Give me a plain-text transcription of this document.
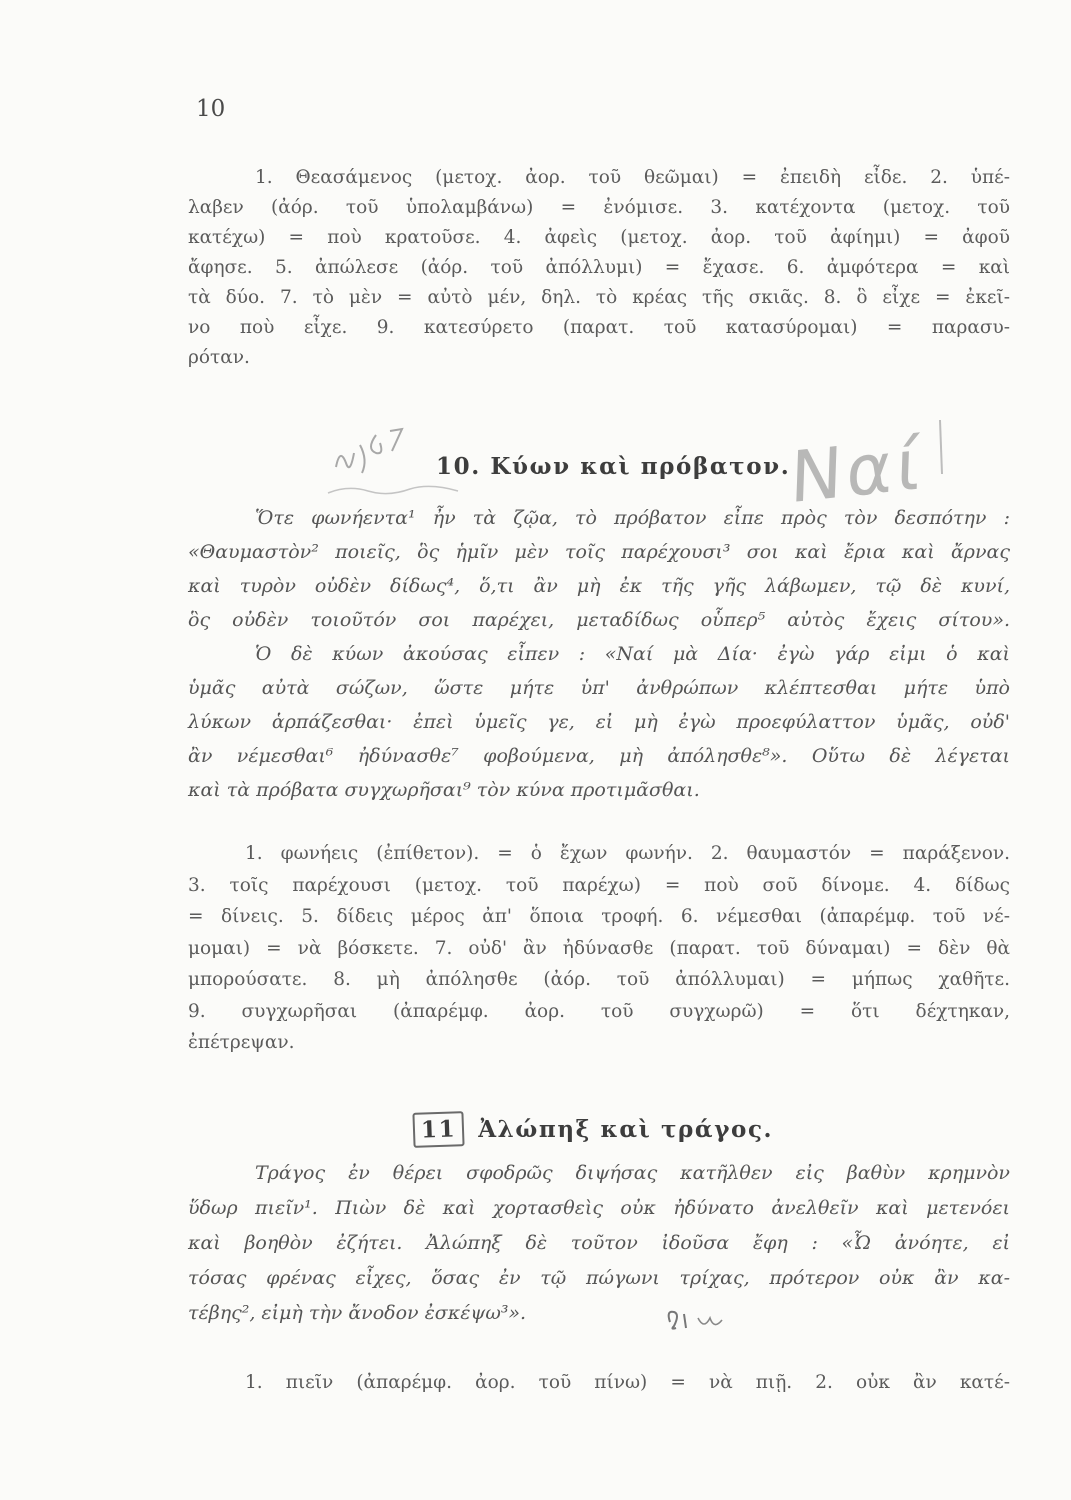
10
1. Θεασάμενος (μετοχ. ἀορ. τοῦ θεῶμαι) = ἐπειδὴ εἶδε. 2. ὑπέ-
λαβεν (ἀόρ. τοῦ ὑπολαμβάνω) = ἐνόμισε. 3. κατέχοντα (μετοχ. τοῦ
κατέχω) = ποὺ κρατοῦσε. 4. ἀφεὶς (μετοχ. ἀορ. τοῦ ἀφίημι) = ἀφοῦ
ἄφησε. 5. ἀπώλεσε (ἀόρ. τοῦ ἀπόλλυμι) = ἔχασε. 6. ἀμφότερα = καὶ
τὰ δύο. 7. τὸ μὲν = αὐτὸ μέν, δηλ. τὸ κρέας τῆς σκιᾶς. 8. ὃ εἶχε = ἐκεῖ-
νο ποὺ εἶχε. 9. κατεσύρετο (παρατ. τοῦ κατασύρομαι) = παρασυ-
ρόταν.
Ναί
10. Κύων καὶ πρόβατον.
Ὅτε φωνήεντα¹ ἦν τὰ ζῷα, τὸ πρόβατον εἶπε πρὸς τὸν δεσπότην :
«Θαυμαστὸν² ποιεῖς, ὃς ἡμῖν μὲν τοῖς παρέχουσι³ σοι καὶ ἔρια καὶ ἄρνας
καὶ τυρὸν οὐδὲν δίδως⁴, ὅ,τι ἂν μὴ ἐκ τῆς γῆς λάβωμεν, τῷ δὲ κυνί,
ὃς οὐδὲν τοιοῦτόν σοι παρέχει, μεταδίδως οὗπερ⁵ αὐτὸς ἔχεις σίτου».
Ὁ δὲ κύων ἀκούσας εἶπεν : «Ναί μὰ Δία· ἐγὼ γάρ εἰμι ὁ καὶ
ὑμᾶς αὐτὰ σώζων, ὥστε μήτε ὑπ' ἀνθρώπων κλέπτεσθαι μήτε ὑπὸ
λύκων ἁρπάζεσθαι· ἐπεὶ ὑμεῖς γε, εἰ μὴ ἐγὼ προεφύλαττον ὑμᾶς, οὐδ'
ἂν νέμεσθαι⁶ ἠδύνασθε⁷ φοβούμενα, μὴ ἀπόλησθε⁸». Οὕτω δὲ λέγεται
καὶ τὰ πρόβατα συγχωρῆσαι⁹ τὸν κύνα προτιμᾶσθαι.
1. φωνήεις (ἐπίθετον). = ὁ ἔχων φωνήν. 2. θαυμαστόν = παράξενον.
3. τοῖς παρέχουσι (μετοχ. τοῦ παρέχω) = ποὺ σοῦ δίνομε. 4. δίδως
= δίνεις. 5. δίδεις μέρος ἀπ' ὅποια τροφή. 6. νέμεσθαι (ἀπαρέμφ. τοῦ νέ-
μομαι) = νὰ βόσκετε. 7. οὐδ' ἂν ἠδύνασθε (παρατ. τοῦ δύναμαι) = δὲν θὰ
μπορούσατε. 8. μὴ ἀπόλησθε (ἀόρ. τοῦ ἀπόλλυμαι) = μήπως χαθῆτε.
9. συγχωρῆσαι (ἀπαρέμφ. ἀορ. τοῦ συγχωρῶ) = ὅτι δέχτηκαν,
ἐπέτρεψαν.
11 Ἀλώπηξ καὶ τράγος.
Τράγος ἐν θέρει σφοδρῶς διψήσας κατῆλθεν εἰς βαθὺν κρημνὸν
ὕδωρ πιεῖν¹. Πιὼν δὲ καὶ χορτασθεὶς οὐκ ἠδύνατο ἀνελθεῖν καὶ μετενόει
καὶ βοηθὸν ἐζήτει. Ἀλώπηξ δὲ τοῦτον ἰδοῦσα ἔφη : «Ὦ ἀνόητε, εἰ
τόσας φρένας εἶχες, ὅσας ἐν τῷ πώγωνι τρίχας, πρότερον οὐκ ἂν κα-
τέβης², εἰμὴ τὴν ἄνοδον ἐσκέψω³».
1. πιεῖν (ἀπαρέμφ. ἀορ. τοῦ πίνω) = νὰ πιῇ. 2. οὐκ ἂν κατέ-
